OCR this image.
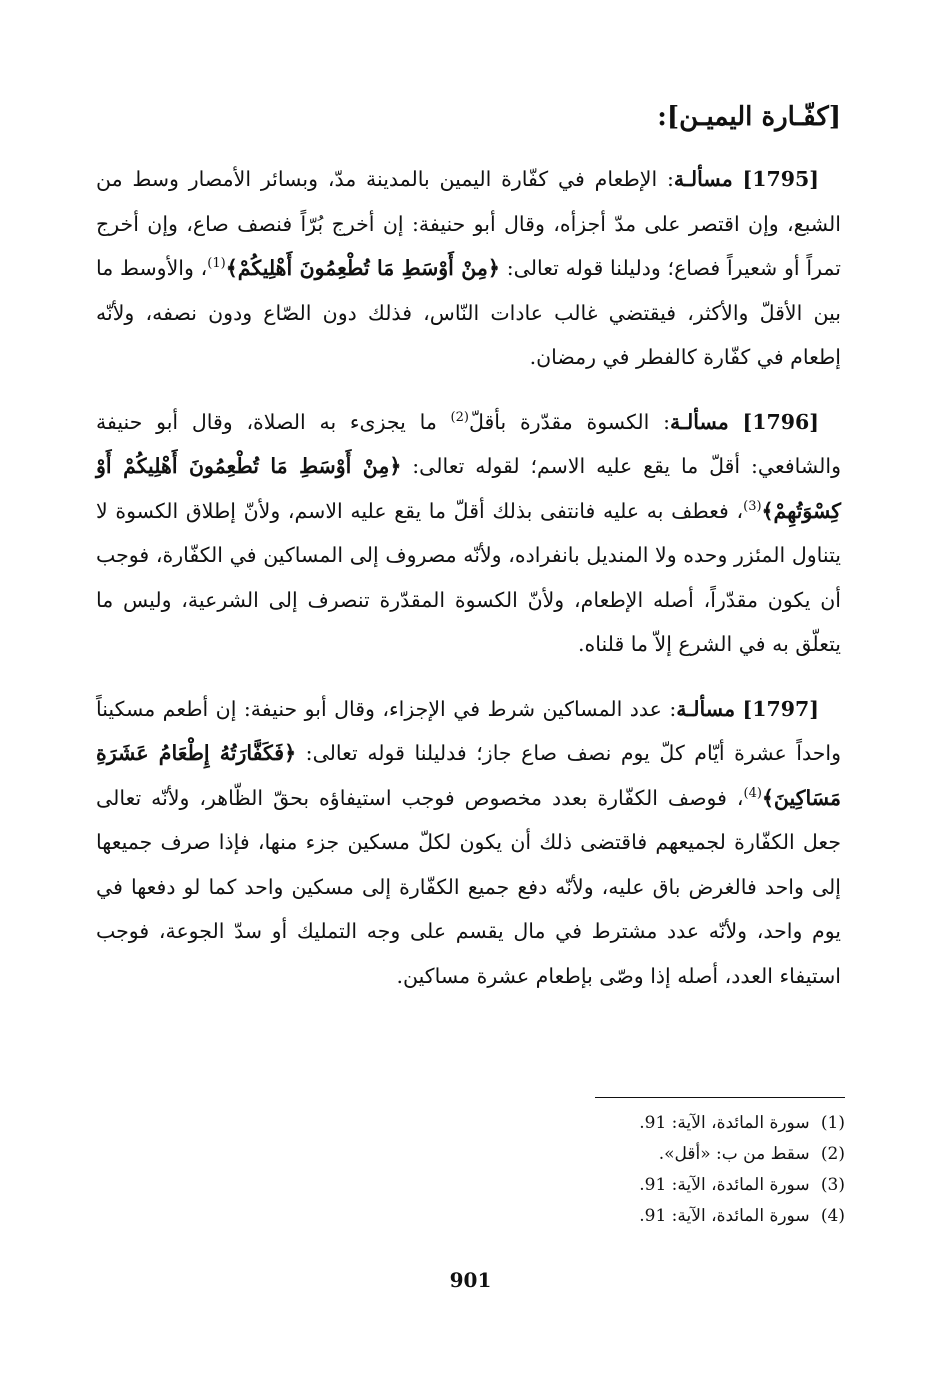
[كفّـارة اليميـن]:

[1795] مسألـة: الإطعام في كفّارة اليمين بالمدينة مدّ، وبسائر الأمصار وسط من الشبع، وإن اقتصر على مدّ أجزأه، وقال أبو حنيفة: إن أخرج بُرّاً فنصف صاع، وإن أخرج تمراً أو شعيراً فصاع؛ ودليلنا قوله تعالى: ﴿مِنْ أَوْسَطِ مَا تُطْعِمُونَ أَهْلِيكُمْ﴾$^{(1)}$، والأوسط ما بين الأقلّ والأكثر، فيقتضي غالب عادات النّاس، فذلك دون الصّاع ودون نصفه، ولأنّه إطعام في كفّارة كالفطر في رمضان.

[1796] مسألـة: الكسوة مقدّرة بأقلّ$^{(2)}$ ما يجزىء به الصلاة، وقال أبو حنيفة والشافعي: أقلّ ما يقع عليه الاسم؛ لقوله تعالى: ﴿مِنْ أَوْسَطِ مَا تُطْعِمُونَ أَهْلِيكُمْ أَوْ كِسْوَتُهِمْ﴾$^{(3)}$، فعطف به عليه فانتفى بذلك أقلّ ما يقع عليه الاسم، ولأنّ إطلاق الكسوة لا يتناول المئزر وحده ولا المنديل بانفراده، ولأنّه مصروف إلى المساكين في الكفّارة، فوجب أن يكون مقدّراً، أصله الإطعام، ولأنّ الكسوة المقدّرة تنصرف إلى الشرعية، وليس ما يتعلّق به في الشرع إلاّ ما قلناه.

[1797] مسألـة: عدد المساكين شرط في الإجزاء، وقال أبو حنيفة: إن أطعم مسكيناً واحداً عشرة أيّام كلّ يوم نصف صاع جاز؛ فدليلنا قوله تعالى: ﴿فَكَفَّارَتُهُ إِطْعَامُ عَشَرَةِ مَسَاكِينَ﴾$^{(4)}$، فوصف الكفّارة بعدد مخصوص فوجب استيفاؤه بحقّ الظّاهر، ولأنّه تعالى جعل الكفّارة لجميعهم فاقتضى ذلك أن يكون لكلّ مسكين جزء منها، فإذا صرف جميعها إلى واحد فالغرض باق عليه، ولأنّه دفع جميع الكفّارة إلى مسكين واحد كما لو دفعها في يوم واحد، ولأنّه عدد مشترط في مال يقسم على وجه التمليك أو سدّ الجوعة، فوجب استيفاء العدد، أصله إذا وصّى بإطعام عشرة مساكين.

(1) سورة المائدة، الآية: 91.

(2) سقط من ب: «أقل».

(3) سورة المائدة، الآية: 91.

(4) سورة المائدة، الآية: 91.

901
